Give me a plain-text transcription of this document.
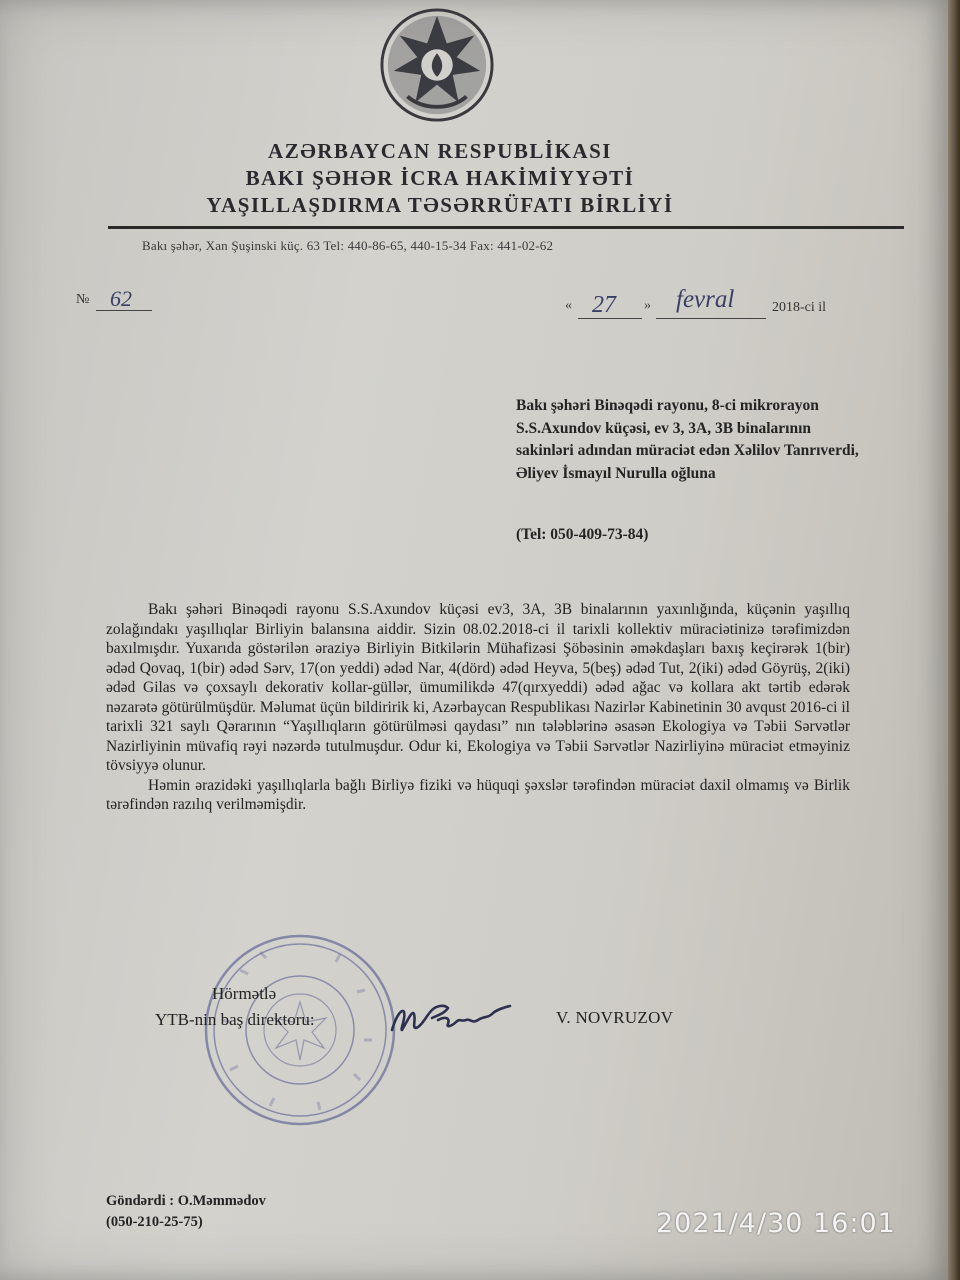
AZƏRBAYCAN RESPUBLİKASI
BAKI ŞƏHƏR İCRA HAKİMİYYƏTİ
YAŞILLAŞDIRMA TƏSƏRRÜFATI BİRLİYİ
Bakı şəhər, Xan Şuşinski küç. 63 Tel: 440-86-65, 440-15-34 Fax: 441-02-62
№ 62	« 27 » fevral	2018-ci il
Bakı şəhəri Binəqədi rayonu, 8-ci mikrorayon S.S.Axundov küçəsi, ev 3, 3A, 3B binalarının sakinləri adından müraciət edən Xəlilov Tanrıverdi, Əliyev İsmayıl Nurulla oğluna
(Tel: 050-409-73-84)

Bakı şəhəri Binəqədi rayonu S.S.Axundov küçəsi ev3, 3A, 3B binalarının yaxınlığında, küçənin yaşıllıq zolağındakı yaşıllıqlar Birliyin balansına aiddir. Sizin 08.02.2018-ci il tarixli kollektiv müraciətinizə tərəfimizdən baxılmışdır. Yuxarıda göstərilən əraziyə Birliyin Bitkilərin Mühafizəsi Şöbəsinin əməkdaşları baxış keçirərək 1(bir) ədəd Qovaq, 1(bir) ədəd Sərv, 17(on yeddi) ədəd Nar, 4(dörd) ədəd Heyva, 5(beş) ədəd Tut, 2(iki) ədəd Göyrüş, 2(iki) ədəd Gilas və çoxsaylı dekorativ kollar-güllər, ümumilikdə 47(qırxyeddi) ədəd ağac və kollara akt tərtib edərək nəzarətə götürülmüşdür. Məlumat üçün bildiririk ki, Azərbaycan Respublikası Nazirlər Kabinetinin 30 avqust 2016-ci il tarixli 321 saylı Qərarının “Yaşıllıqların götürülməsi qaydası” nın tələblərinə əsasən Ekologiya və Təbii Sərvətlər Nazirliyinin müvafiq rəyi nəzərdə tutulmuşdur. Odur ki, Ekologiya və Təbii Sərvətlər Nazirliyinə müraciət etməyiniz tövsiyyə olunur.

Həmin ərazidəki yaşıllıqlarla bağlı Birliyə fiziki və hüquqi şəxslər tərəfindən müraciət daxil olmamış və Birlik tərəfindən razılıq verilməmişdir.

Hörmətlə
YTB-nin baş direktoru:	V. NOVRUZOV
Göndərdi : O.Məmmədov
(050-210-25-75)	2021/4/30 16:01
